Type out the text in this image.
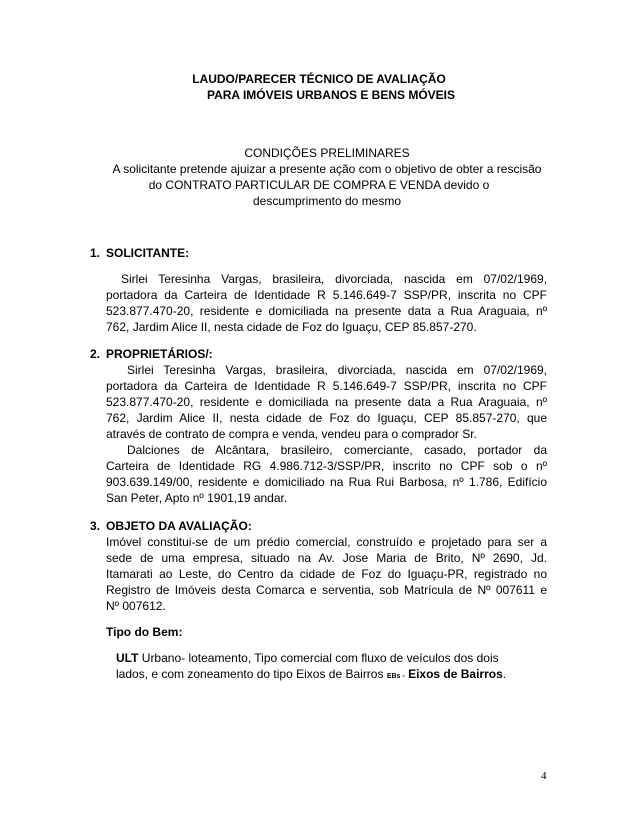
LAUDO/PARECER TÉCNICO DE AVALIAÇÃO
PARA IMÓVEIS URBANOS E BENS MÓVEIS
CONDIÇÕES PRELIMINARES
A solicitante pretende ajuizar a presente ação com o objetivo de obter a rescisão
do CONTRATO PARTICULAR DE COMPRA E VENDA devido o
descumprimento do mesmo
1. SOLICITANTE:
Sirlei Teresinha Vargas, brasileira, divorciada, nascida em 07/02/1969,
portadora da Carteira de Identidade R 5.146.649-7 SSP/PR, inscrita no CPF
523.877.470-20, residente e domiciliada na presente data a Rua Araguaia, nº
762, Jardim Alice II, nesta cidade de Foz do Iguaçu, CEP 85.857-270.
2. PROPRIETÁRIOS/:
Sirlei Teresinha Vargas, brasileira, divorciada, nascida em 07/02/1969,
portadora da Carteira de Identidade R 5.146.649-7 SSP/PR, inscrita no CPF
523.877.470-20, residente e domiciliada na presente data a Rua Araguaia, nº
762, Jardim Alice II, nesta cidade de Foz do Iguaçu, CEP 85.857-270, que
através de contrato de compra e venda, vendeu para o comprador Sr.
Dalciones de Alcântara, brasileiro, comerciante, casado, portador da
Carteira de Identidade RG 4.986.712-3/SSP/PR, inscrito no CPF sob o nº
903.639.149/00, residente e domiciliado na Rua Rui Barbosa, nº 1.786, Edifício
San Peter, Apto nº 1901,19 andar.
3. OBJETO DA AVALIAÇÃO:
Imóvel constitui-se de um prédio comercial, construído e projetado para ser a
sede de uma empresa, situado na Av. Jose Maria de Brito, Nº 2690, Jd.
Itamarati ao Leste, do Centro da cidade de Foz do Iguaçu-PR, registrado no
Registro de Imóveis desta Comarca e serventia, sob Matrícula de Nº 007611 e
Nº 007612.
Tipo do Bem:
ULT Urbano- loteamento, Tipo comercial com fluxo de veículos dos dois
lados, e com zoneamento do tipo Eixos de Bairros EBs - Eixos de Bairros.
4
